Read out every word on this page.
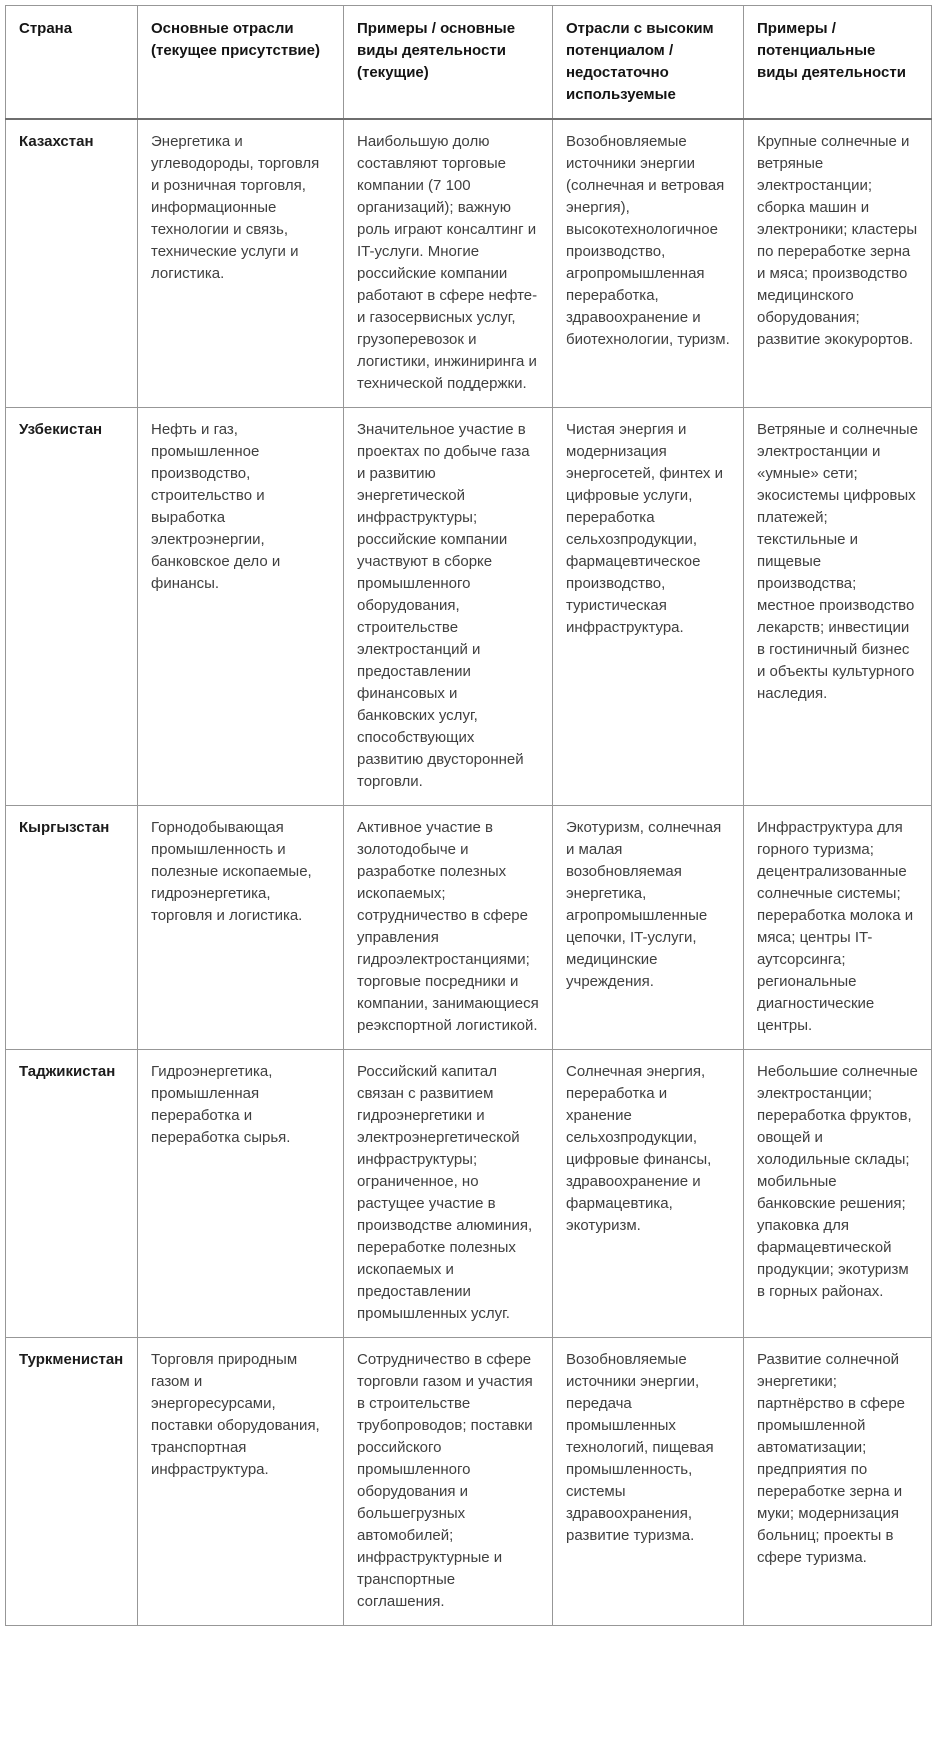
Страна	Основные отрасли (текущее присутствие)	Примеры / основные виды деятельности (текущие)	Отрасли с высоким потенциалом / недостаточно используемые	Примеры / потенциальные виды деятельности
Казахстан	Энергетика и углеводороды, торговля и розничная торговля, информационные технологии и связь, технические услуги и логистика.	Наибольшую долю составляют торговые компании (7 100 организаций); важную роль играют консалтинг и IT-услуги. Многие российские компании работают в сфере нефте- и газосервисных услуг, грузоперевозок и логистики, инжиниринга и технической поддержки.	Возобновляемые источники энергии (солнечная и ветровая энергия), высокотехнологичное производство, агропромышленная переработка, здравоохранение и биотехнологии, туризм.	Крупные солнечные и ветряные электростанции; сборка машин и электроники; кластеры по переработке зерна и мяса; производство медицинского оборудования; развитие экокурортов.
Узбекистан	Нефть и газ, промышленное производство, строительство и выработка электроэнергии, банковское дело и финансы.	Значительное участие в проектах по добыче газа и развитию энергетической инфраструктуры; российские компании участвуют в сборке промышленного оборудования, строительстве электростанций и предоставлении финансовых и банковских услуг, способствующих развитию двусторонней торговли.	Чистая энергия и модернизация энергосетей, финтех и цифровые услуги, переработка сельхозпродукции, фармацевтическое производство, туристическая инфраструктура.	Ветряные и солнечные электростанции и «умные» сети; экосистемы цифровых платежей; текстильные и пищевые производства; местное производство лекарств; инвестиции в гостиничный бизнес и объекты культурного наследия.
Кыргызстан	Горнодобывающая промышленность и полезные ископаемые, гидроэнергетика, торговля и логистика.	Активное участие в золотодобыче и разработке полезных ископаемых; сотрудничество в сфере управления гидроэлектростанциями; торговые посредники и компании, занимающиеся реэкспортной логистикой.	Экотуризм, солнечная и малая возобновляемая энергетика, агропромышленные цепочки, IT-услуги, медицинские учреждения.	Инфраструктура для горного туризма; децентрализованные солнечные системы; переработка молока и мяса; центры IT-аутсорсинга; региональные диагностические центры.
Таджикистан	Гидроэнергетика, промышленная переработка и переработка сырья.	Российский капитал связан с развитием гидроэнергетики и электроэнергетической инфраструктуры; ограниченное, но растущее участие в производстве алюминия, переработке полезных ископаемых и предоставлении промышленных услуг.	Солнечная энергия, переработка и хранение сельхозпродукции, цифровые финансы, здравоохранение и фармацевтика, экотуризм.	Небольшие солнечные электростанции; переработка фруктов, овощей и холодильные склады; мобильные банковские решения; упаковка для фармацевтической продукции; экотуризм в горных районах.
Туркменистан	Торговля природным газом и энергоресурсами, поставки оборудования, транспортная инфраструктура.	Сотрудничество в сфере торговли газом и участия в строительстве трубопроводов; поставки российского промышленного оборудования и большегрузных автомобилей; инфраструктурные и транспортные соглашения.	Возобновляемые источники энергии, передача промышленных технологий, пищевая промышленность, системы здравоохранения, развитие туризма.	Развитие солнечной энергетики; партнёрство в сфере промышленной автоматизации; предприятия по переработке зерна и муки; модернизация больниц; проекты в сфере туризма.
